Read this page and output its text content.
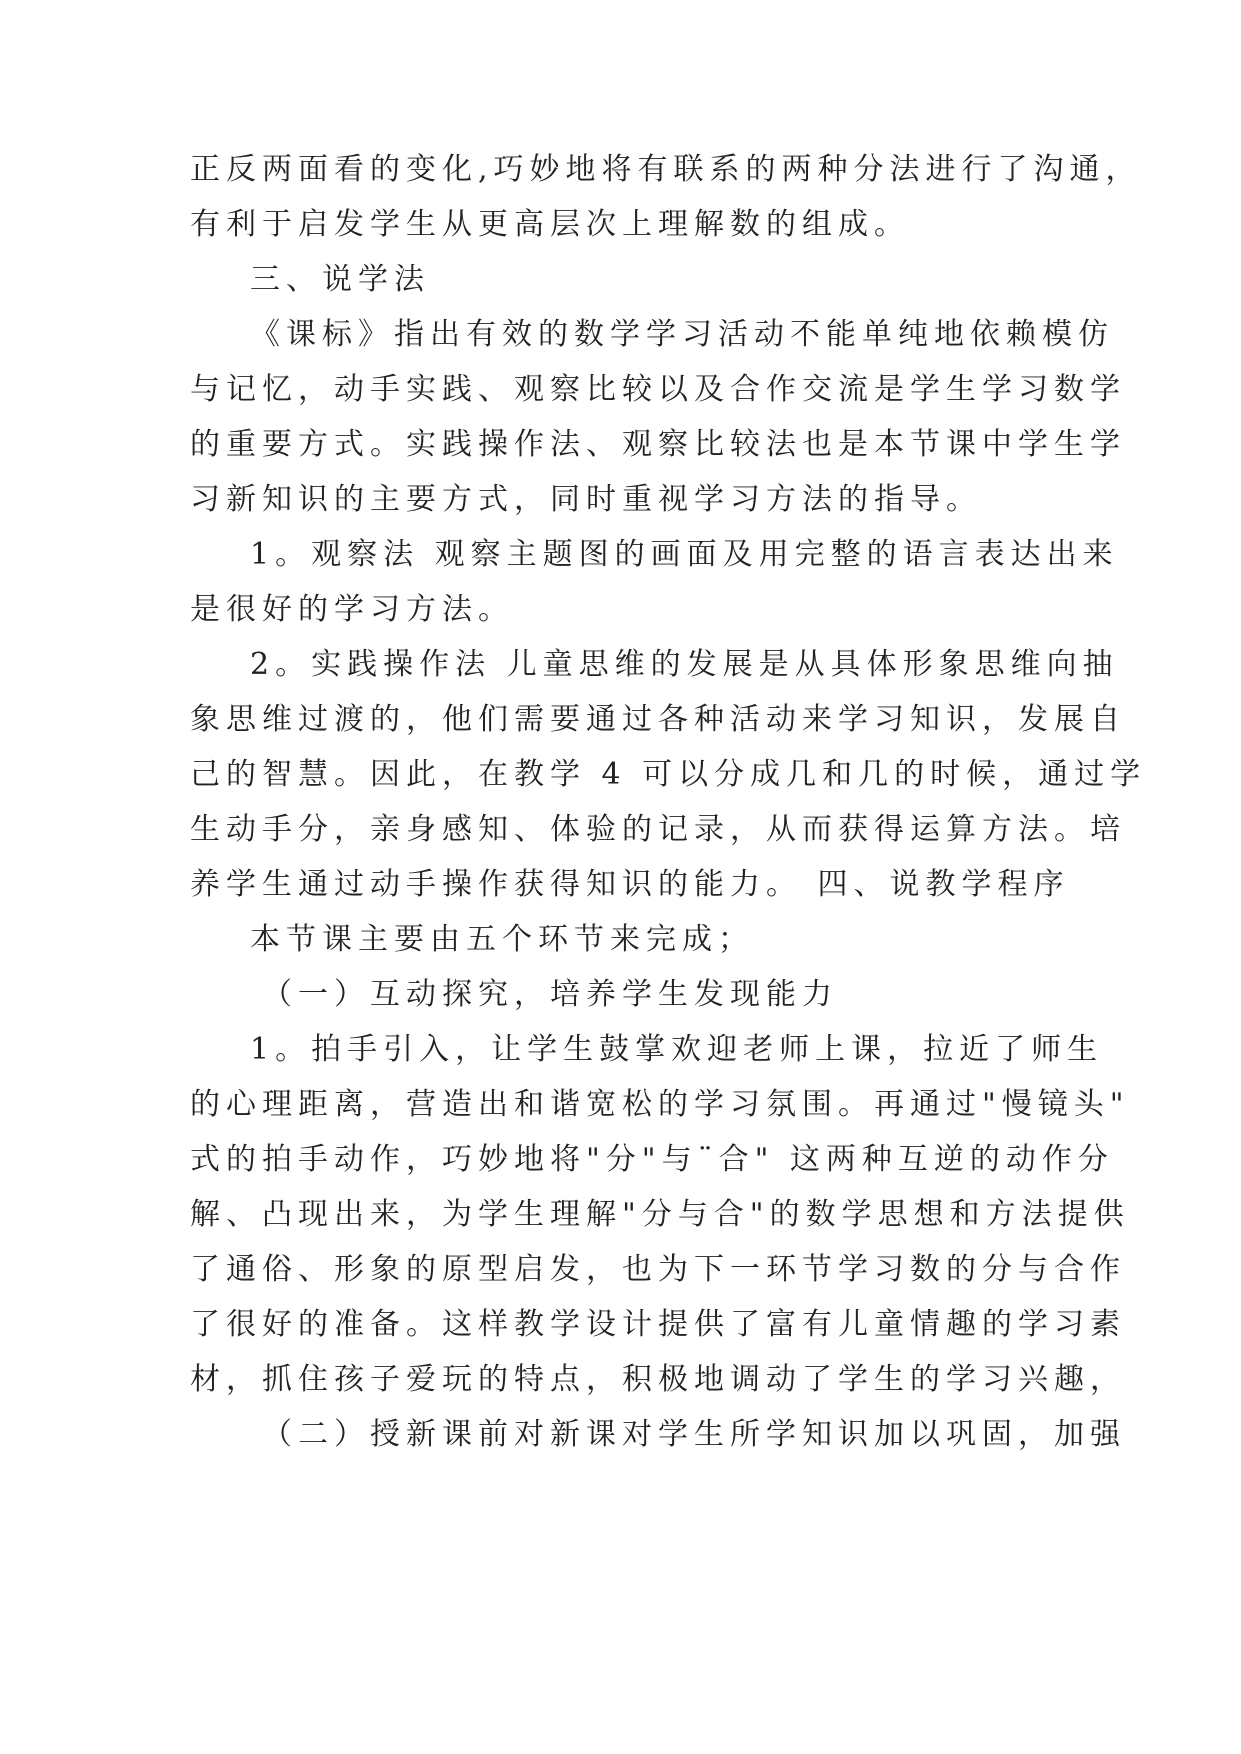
正反两面看的变化,巧妙地将有联系的两种分法进行了沟通，
有利于启发学生从更高层次上理解数的组成。
三、说学法
《课标》指出有效的数学学习活动不能单纯地依赖模仿
与记忆，动手实践、观察比较以及合作交流是学生学习数学
的重要方式。实践操作法、观察比较法也是本节课中学生学
习新知识的主要方式，同时重视学习方法的指导。
1。观察法 观察主题图的画面及用完整的语言表达出来
是很好的学习方法。
2。实践操作法 儿童思维的发展是从具体形象思维向抽
象思维过渡的，他们需要通过各种活动来学习知识，发展自
己的智慧。因此，在教学 4 可以分成几和几的时候，通过学
生动手分，亲身感知、体验的记录，从而获得运算方法。培
养学生通过动手操作获得知识的能力。 四、说教学程序
本节课主要由五个环节来完成；
（一）互动探究，培养学生发现能力
1。拍手引入，让学生鼓掌欢迎老师上课，拉近了师生
的心理距离，营造出和谐宽松的学习氛围。再通过"慢镜头"
式的拍手动作，巧妙地将"分"与¨合" 这两种互逆的动作分
解、凸现出来，为学生理解"分与合"的数学思想和方法提供
了通俗、形象的原型启发，也为下一环节学习数的分与合作
了很好的准备。这样教学设计提供了富有儿童情趣的学习素
材，抓住孩子爱玩的特点，积极地调动了学生的学习兴趣，
（二）授新课前对新课对学生所学知识加以巩固，加强
